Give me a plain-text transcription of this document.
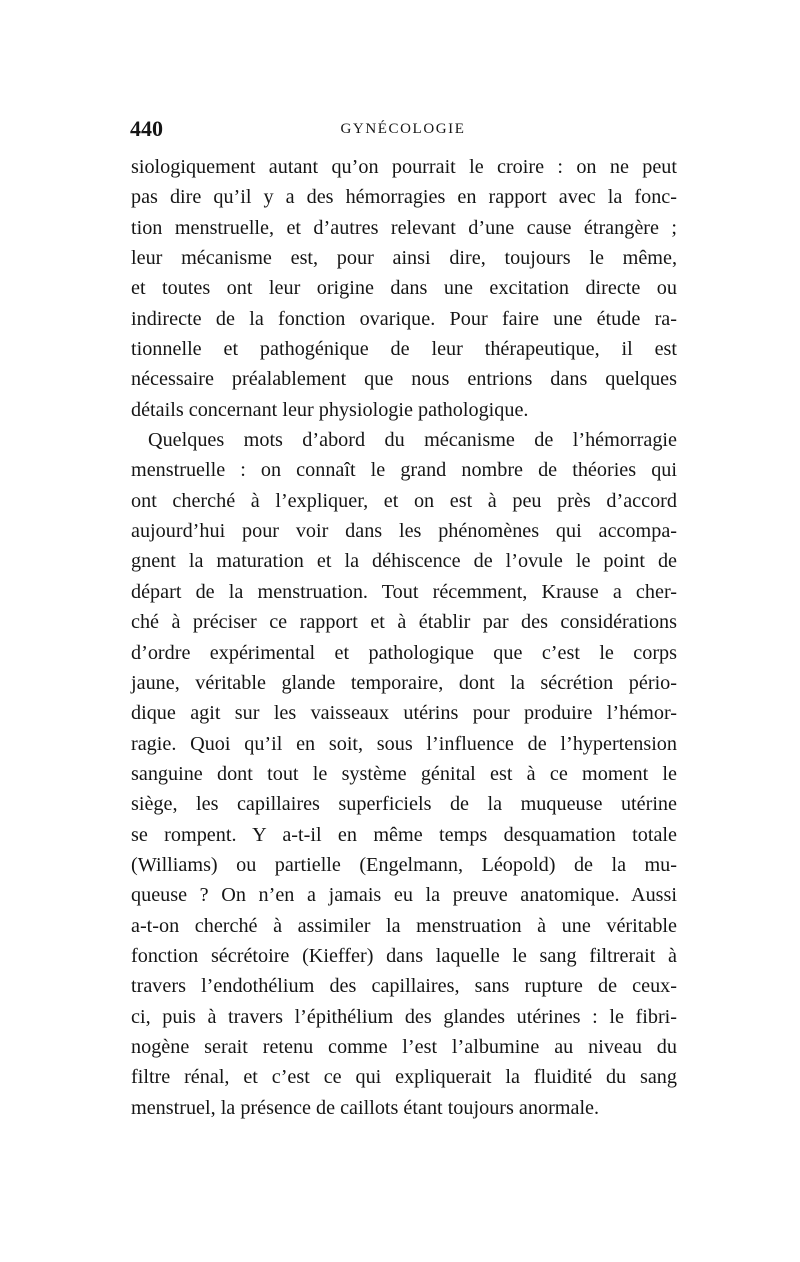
440	GYNÉCOLOGIE
siologiquement autant qu’on pourrait le croire : on ne peut
pas dire qu’il y a des hémorragies en rapport avec la fonc-
tion menstruelle, et d’autres relevant d’une cause étrangère ;
leur mécanisme est, pour ainsi dire, toujours le même,
et toutes ont leur origine dans une excitation directe ou
indirecte de la fonction ovarique. Pour faire une étude ra-
tionnelle et pathogénique de leur thérapeutique, il est
nécessaire préalablement que nous entrions dans quelques
détails concernant leur physiologie pathologique.
Quelques mots d’abord du mécanisme de l’hémorragie
menstruelle : on connaît le grand nombre de théories qui
ont cherché à l’expliquer, et on est à peu près d’accord
aujourd’hui pour voir dans les phénomènes qui accompa-
gnent la maturation et la déhiscence de l’ovule le point de
départ de la menstruation. Tout récemment, Krause a cher-
ché à préciser ce rapport et à établir par des considérations
d’ordre expérimental et pathologique que c’est le corps
jaune, véritable glande temporaire, dont la sécrétion pério-
dique agit sur les vaisseaux utérins pour produire l’hémor-
ragie. Quoi qu’il en soit, sous l’influence de l’hypertension
sanguine dont tout le système génital est à ce moment le
siège, les capillaires superficiels de la muqueuse utérine
se rompent. Y a-t-il en même temps desquamation totale
(Williams) ou partielle (Engelmann, Léopold) de la mu-
queuse ? On n’en a jamais eu la preuve anatomique. Aussi
a-t-on cherché à assimiler la menstruation à une véritable
fonction sécrétoire (Kieffer) dans laquelle le sang filtrerait à
travers l’endothélium des capillaires, sans rupture de ceux-
ci, puis à travers l’épithélium des glandes utérines : le fibri-
nogène serait retenu comme l’est l’albumine au niveau du
filtre rénal, et c’est ce qui expliquerait la fluidité du sang
menstruel, la présence de caillots étant toujours anormale.
